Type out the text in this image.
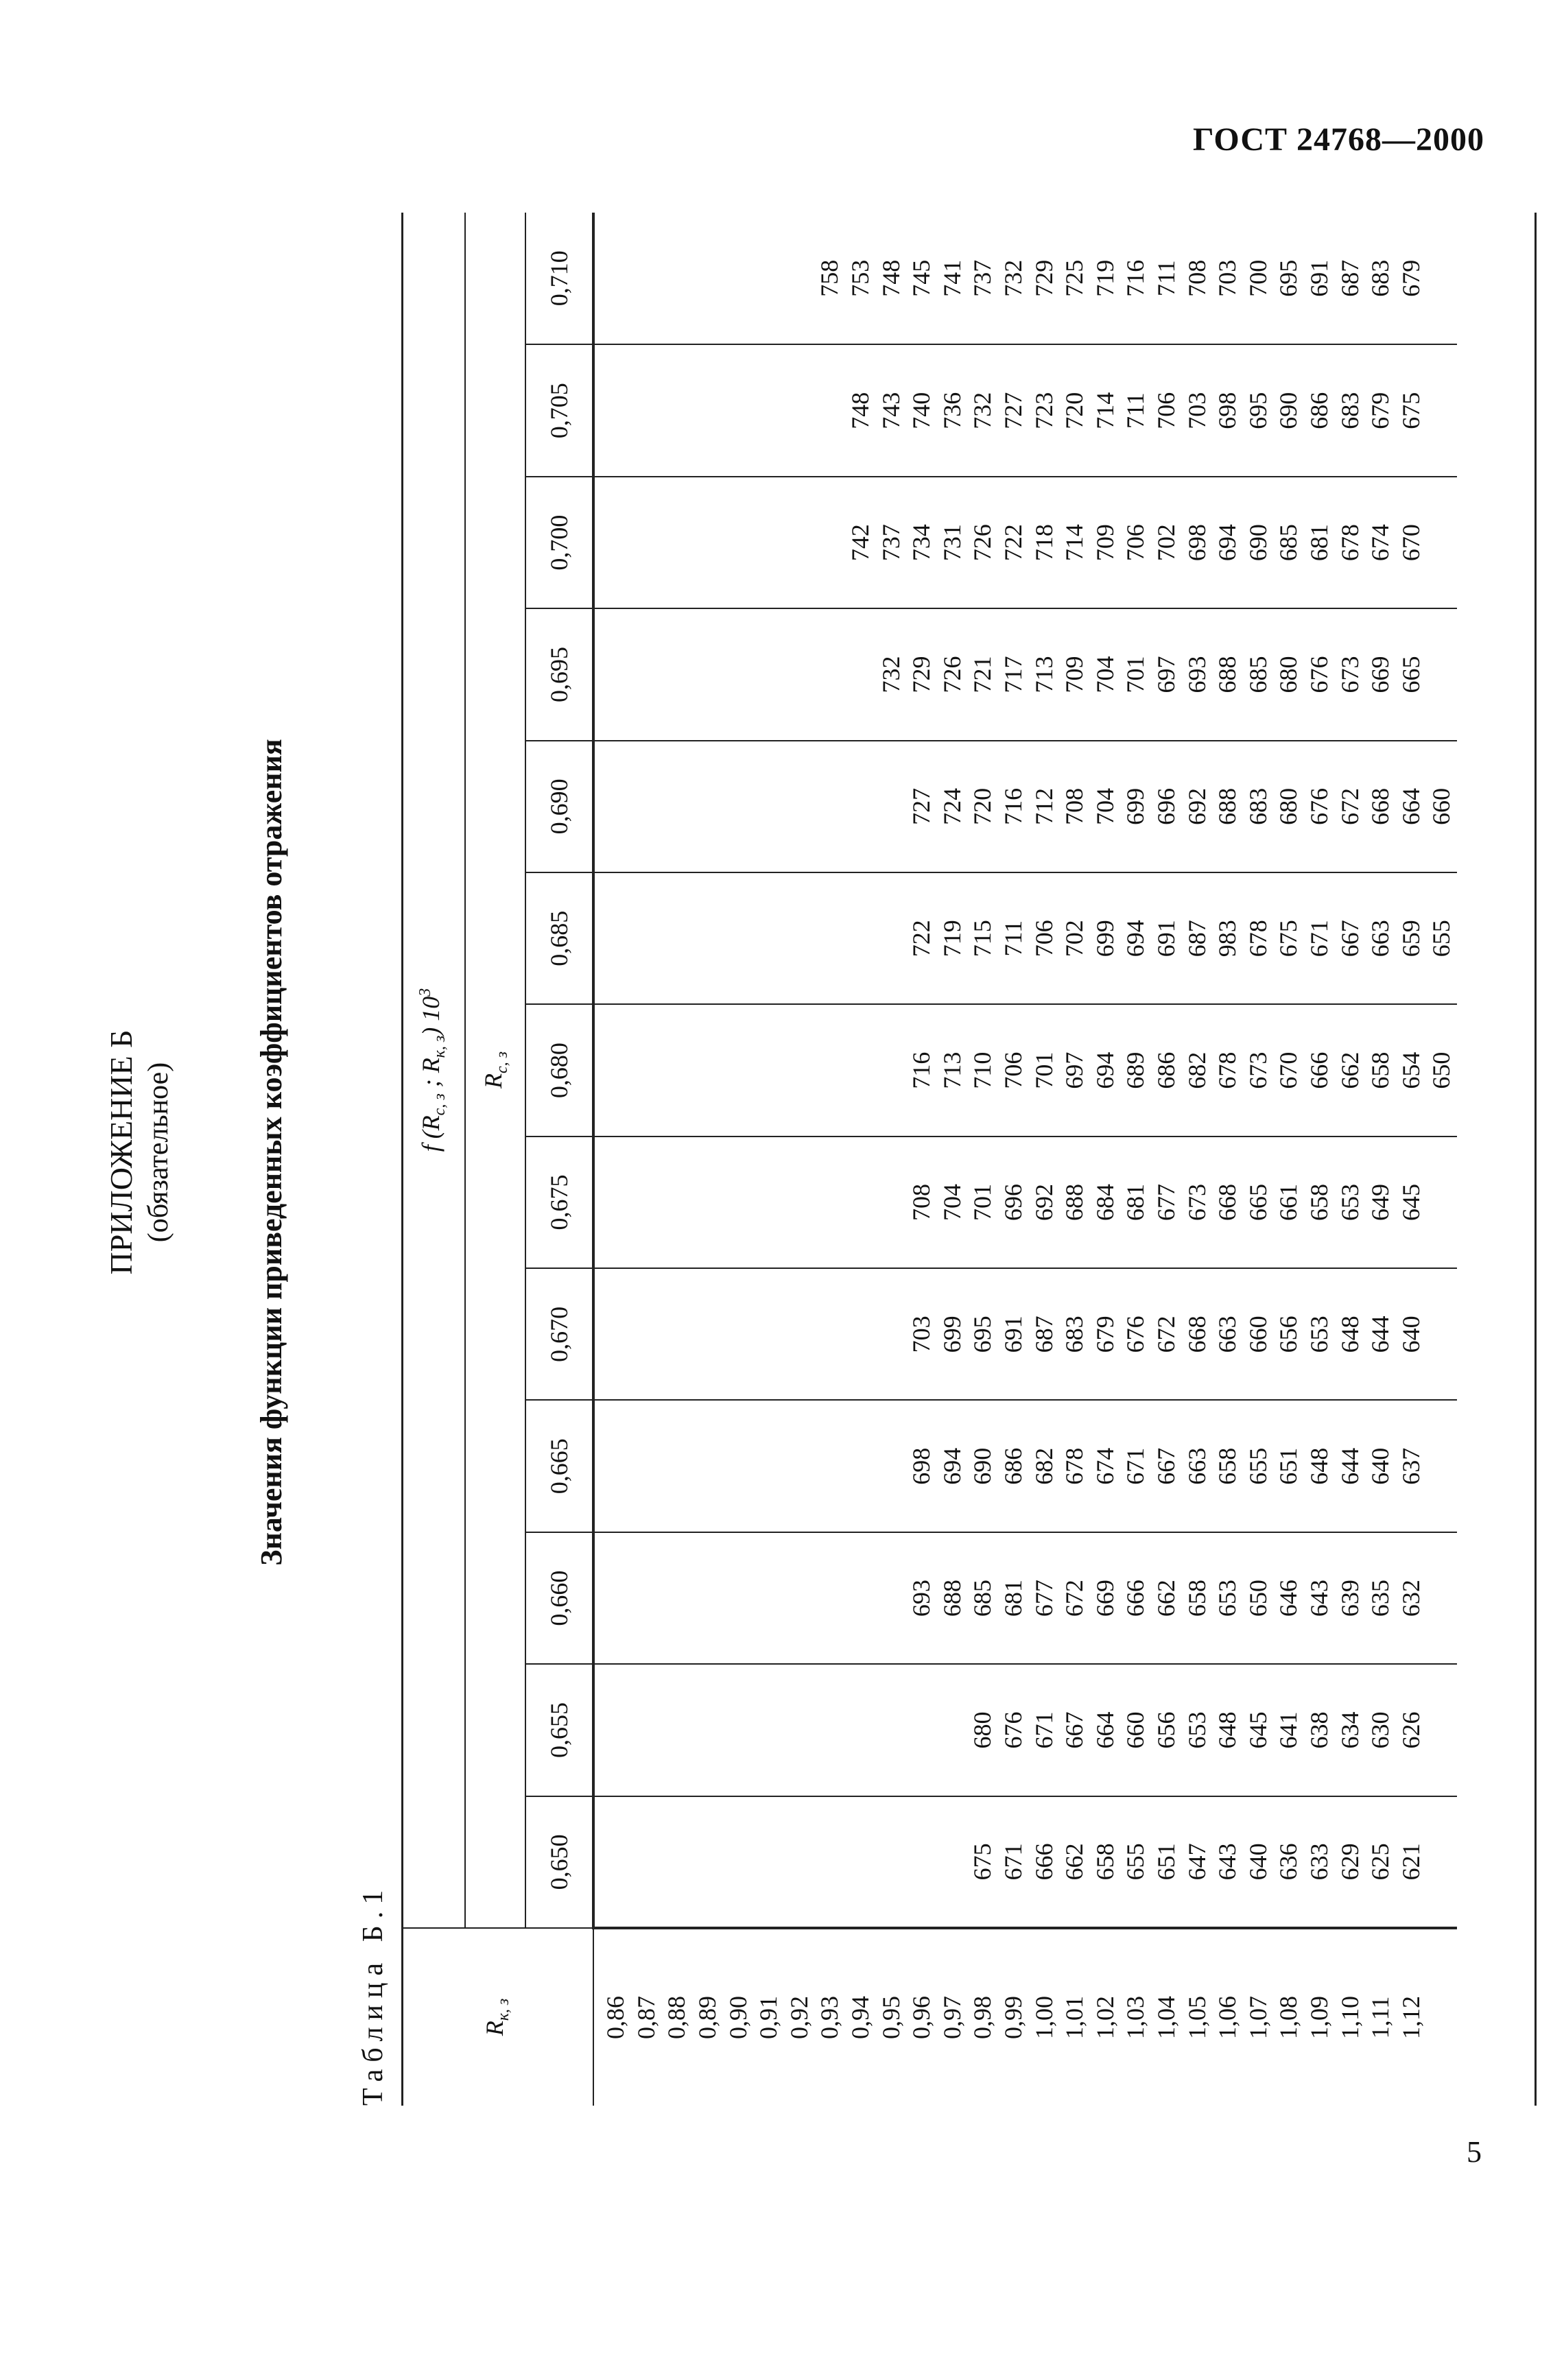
ГОСТ 24768—2000
ПРИЛОЖЕНИЕ Б (обязательное)	Значения функции приведенных коэффициентов отражения
Таблица Б.1	$R_{к, з}$	f ($R_{с, з}$ ; $R_{к, з}$) $10^3$
	$R_{с, з}$
	0,650	0,655	0,660	0,665	0,670	0,675	0,680	0,685	0,690	0,695	0,700	0,705	0,710
0,86													
0,87													
0,88													
0,89													
0,90													
0,91													
0,92													
0,93													758
0,94											742	748	753
0,95										732	737	743	748
0,96			693	698	703	708	716	722	727	729	734	740	745
0,97			688	694	699	704	713	719	724	726	731	736	741
0,98	675	680	685	690	695	701	710	715	720	721	726	732	737
0,99	671	676	681	686	691	696	706	711	716	717	722	727	732
1,00	666	671	677	682	687	692	701	706	712	713	718	723	729
1,01	662	667	672	678	683	688	697	702	708	709	714	720	725
1,02	658	664	669	674	679	684	694	699	704	704	709	714	719
1,03	655	660	666	671	676	681	689	694	699	701	706	711	716
1,04	651	656	662	667	672	677	686	691	696	697	702	706	711
1,05	647	653	658	663	668	673	682	687	692	693	698	703	708
1,06	643	648	653	658	663	668	678	983	688	688	694	698	703
1,07	640	645	650	655	660	665	673	678	683	685	690	695	700
1,08	636	641	646	651	656	661	670	675	680	680	685	690	695
1,09	633	638	643	648	653	658	666	671	676	676	681	686	691
1,10	629	634	639	644	648	653	662	667	672	673	678	683	687
1,11	625	630	635	640	644	649	658	663	668	669	674	679	683
1,12	621	626	632	637	640	645	654	659	664	665	670	675	679
							650	655	660				
5
